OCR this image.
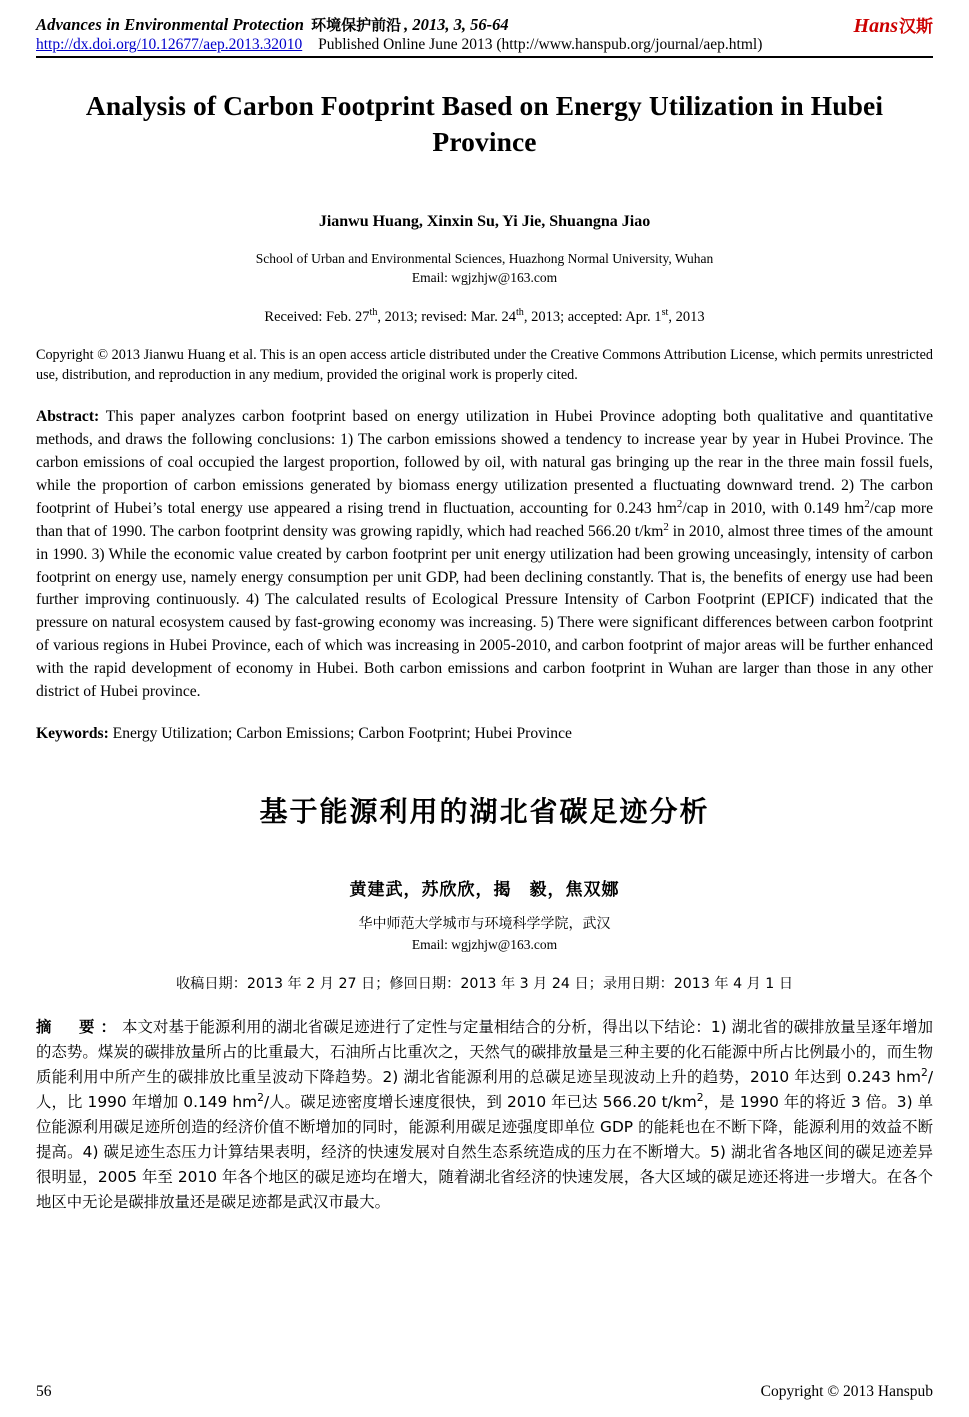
Advances in Environmental Protection 环境保护前沿 , 2013, 3, 56-64
http://dx.doi.org/10.12677/aep.2013.32010 Published Online June 2013 (http://www.hanspub.org/journal/aep.html)
Hans汉斯
Analysis of Carbon Footprint Based on Energy Utilization in Hubei Province
Jianwu Huang, Xinxin Su, Yi Jie, Shuangna Jiao
School of Urban and Environmental Sciences, Huazhong Normal University, Wuhan
Email: wgjzhjw@163.com
Received: Feb. 27th, 2013; revised: Mar. 24th, 2013; accepted: Apr. 1st, 2013
Copyright © 2013 Jianwu Huang et al. This is an open access article distributed under the Creative Commons Attribution License, which permits unrestricted use, distribution, and reproduction in any medium, provided the original work is properly cited.
Abstract: This paper analyzes carbon footprint based on energy utilization in Hubei Province adopting both qualitative and quantitative methods, and draws the following conclusions: 1) The carbon emissions showed a tendency to increase year by year in Hubei Province. The carbon emissions of coal occupied the largest proportion, followed by oil, with natural gas bringing up the rear in the three main fossil fuels, while the proportion of carbon emissions generated by biomass energy utilization presented a fluctuating downward trend. 2) The carbon footprint of Hubei’s total energy use appeared a rising trend in fluctuation, accounting for 0.243 $hm^2$/cap in 2010, with 0.149 $hm^2$/cap more than that of 1990. The carbon footprint density was growing rapidly, which had reached 566.20 $t/km^2$ in 2010, almost three times of the amount in 1990. 3) While the economic value created by carbon footprint per unit energy utilization had been growing unceasingly, intensity of carbon footprint on energy use, namely energy consumption per unit GDP, had been declining constantly. That is, the benefits of energy use had been further improving continuously. 4) The calculated results of Ecological Pressure Intensity of Carbon Footprint (EPICF) indicated that the pressure on natural ecosystem caused by fast-growing economy was increasing. 5) There were significant differences between carbon footprint of various regions in Hubei Province, each of which was increasing in 2005-2010, and carbon footprint of major areas will be further enhanced with the rapid development of economy in Hubei. Both carbon emissions and carbon footprint in Wuhan are larger than those in any other district of Hubei province.
Keywords: Energy Utilization; Carbon Emissions; Carbon Footprint; Hubei Province
基于能源利用的湖北省碳足迹分析
黄建武，苏欣欣，揭　毅，焦双娜
华中师范大学城市与环境科学学院，武汉
Email: wgjzhjw@163.com
收稿日期：2013 年 2 月 27 日；修回日期：2013 年 3 月 24 日；录用日期：2013 年 4 月 1 日
摘　要：本文对基于能源利用的湖北省碳足迹进行了定性与定量相结合的分析，得出以下结论：1) 湖北省的碳排放量呈逐年增加的态势。煤炭的碳排放量所占的比重最大，石油所占比重次之，天然气的碳排放量是三种主要的化石能源中所占比例最小的，而生物质能利用中所产生的碳排放比重呈波动下降趋势。2) 湖北省能源利用的总碳足迹呈现波动上升的趋势，2010 年达到 0.243 $hm^2/$人，比 1990 年增加 0.149 $hm^2/$人。碳足迹密度增长速度很快，到 2010 年已达 566.20 $t/km^2$，是 1990 年的将近 3 倍。3) 单位能源利用碳足迹所创造的经济价值不断增加的同时，能源利用碳足迹强度即单位 GDP 的能耗也在不断下降，能源利用的效益不断提高。4) 碳足迹生态压力计算结果表明，经济的快速发展对自然生态系统造成的压力在不断增大。5) 湖北省各地区间的碳足迹差异很明显，2005 年至 2010 年各个地区的碳足迹均在增大，随着湖北省经济的快速发展，各大区域的碳足迹还将进一步增大。在各个地区中无论是碳排放量还是碳足迹都是武汉市最大。
56	Copyright © 2013 Hanspub
